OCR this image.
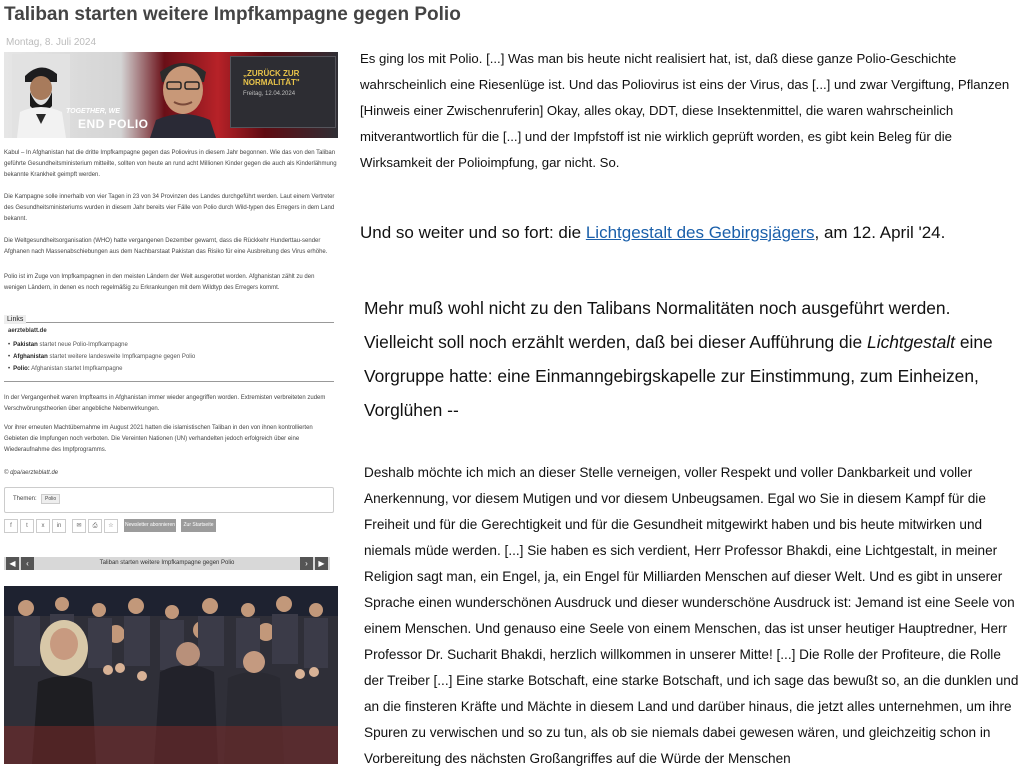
Taliban starten weitere Impfkampagne gegen Polio
Montag, 8. Juli 2024
„ZURÜCK ZUR NORMALITÄT"
Freitag, 12.04.2024
TOGETHER, WE
END POLIO

Kabul – In Afghanistan hat die dritte Impfkampagne gegen das Poliovirus in diesem Jahr begonnen. Wie das von den Taliban geführte Gesundheitsministerium mitteilte, sollten von heute an rund acht Millionen Kinder gegen die auch als Kinderlähmung bekannte Krankheit geimpft werden.

Die Kampagne solle innerhalb von vier Tagen in 23 von 34 Provinzen des Landes durchgeführt werden. Laut einem Vertreter des Gesundheitsministeriums wurden in diesem Jahr bereits vier Fälle von Polio durch Wild-typen des Erregers in dem Land bekannt.

Die Weltgesundheitsorganisation (WHO) hatte vergangenen Dezember gewarnt, dass die Rückkehr Hunderttau-sender Afghanen nach Massenabschiebungen aus dem Nachbarstaat Pakistan das Risiko für eine Ausbreitung des Virus erhöhe.

Polio ist im Zuge von Impfkampagnen in den meisten Ländern der Welt ausgerottet worden. Afghanistan zählt zu den wenigen Ländern, in denen es noch regelmäßig zu Erkrankungen mit dem Wildtyp des Erregers kommt.

Links
aerzteblatt.de
• Pakistan startet neue Polio-Impfkampagne
• Afghanistan startet weitere landesweite Impfkampagne gegen Polio
• Polio: Afghanistan startet Impfkampagne

In der Vergangenheit waren Impfteams in Afghanistan immer wieder angegriffen worden. Extremisten verbreiteten zudem Verschwörungstheorien über angebliche Nebenwirkungen.

Vor ihrer erneuten Machtübernahme im August 2021 hatten die islamistischen Taliban in den von ihnen kontrollierten Gebieten die Impfungen noch verboten. Die Vereinten Nationen (UN) verhandelten jedoch erfolgreich über eine Wiederaufnahme des Impfprogramms.

© dpa/aerzteblatt.de
Themen:	Polio
f	t	x	in	✉	⎙	☆	Newsletter abonnieren	Zur Startseite
Taliban starten weitere Impfkampagne gegen Polio
◀	‹	›	▶

Es ging los mit Polio. [...] Was man bis heute nicht realisiert hat, ist, daß diese ganze Polio-Geschichte wahrscheinlich eine Riesenlüge ist. Und das Poliovirus ist eins der Virus, das [...] und zwar Vergiftung, Pflanzen [Hinweis einer Zwischenruferin] Okay, alles okay, DDT, diese Insektenmittel, die waren wahrscheinlich mitverantwortlich für die [...] und der Impfstoff ist nie wirklich geprüft worden, es gibt kein Beleg für die Wirksamkeit der Polioimpfung, gar nicht. So.

Und so weiter und so fort: die Lichtgestalt des Gebirgsjägers, am 12. April '24.

Mehr muß wohl nicht zu den Talibans Normalitäten noch ausgeführt werden. Vielleicht soll noch erzählt werden, daß bei dieser Aufführung die Lichtgestalt eine Vorgruppe hatte: eine Einmanngebirgskapelle zur Einstimmung, zum Einheizen, Vorglühen --

Deshalb möchte ich mich an dieser Stelle verneigen, voller Respekt und voller Dankbarkeit und voller Anerkennung, vor diesem Mutigen und vor diesem Unbeugsamen. Egal wo Sie in diesem Kampf für die Freiheit und für die Gerechtigkeit und für die Gesundheit mitgewirkt haben und bis heute mitwirken und niemals müde werden. [...] Sie haben es sich verdient, Herr Professor Bhakdi, eine Lichtgestalt, in meiner Religion sagt man, ein Engel, ja, ein Engel für Milliarden Menschen auf dieser Welt. Und es gibt in unserer Sprache einen wunderschönen Ausdruck und dieser wunderschöne Ausdruck ist: Jemand ist eine Seele von einem Menschen. Und genauso eine Seele von einem Menschen, das ist unser heutiger Hauptredner, Herr Professor Dr. Sucharit Bhakdi, herzlich willkommen in unserer Mitte! [...] Die Rolle der Profiteure, die Rolle der Treiber [...] Eine starke Botschaft, eine starke Botschaft, und ich sage das bewußt so, an die dunklen und an die finsteren Kräfte und Mächte in diesem Land und darüber hinaus, die jetzt alles unternehmen, um ihre Spuren zu verwischen und so zu tun, als ob sie niemals dabei gewesen wären, und gleichzeitig schon in Vorbereitung des nächsten Großangriffes auf die Würde der Menschen
